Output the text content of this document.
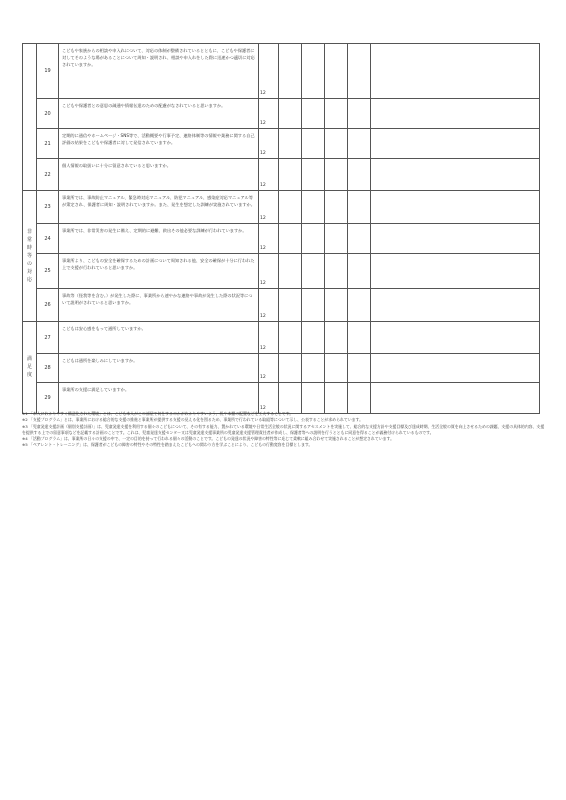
	19	こどもや家族からの相談や申入れについて、対応の体制が整備されているとともに、こどもや保護者に対してそのような場があることについて周知・説明され、相談や申入れをした際に迅速かつ適切に対応されていますか。	12					
	20	こどもや保護者との意思の疎通や情報伝達のための配慮がなされていると思いますか。	12					
	21	定期的に通信やホームページ・SNS等で、活動概要や行事予定、連絡体制等の情報や業務に関する自己評価の結果をこどもや保護者に対して発信されていますか。	12					
	22	個人情報の取扱いに十分に留意されていると思いますか。	12					
非常時等の対応	23	事業所では、事故防止マニュアル、緊急時対応マニュアル、防犯マニュアル、感染症対応マニュアル等が策定され、保護者に周知・説明されていますか。また、発生を想定した訓練が実施されていますか。	12					
	24	事業所では、非常災害の発生に備え、定期的に避難、救出その他必要な訓練が行われていますか。	12					
	25	事業所より、こどもの安全を確保するための計画について周知される他、安全の確保が十分に行われた上で支援が行われていると思いますか。	12					
	26	事故等（怪我等を含む。）が発生した際に、事業所から速やかな連絡や事故が発生した際の状況等について説明がされていると思いますか。	12					
満足度	27	こどもは安心感をもって通所していますか。	12					
	28	こどもは通所を楽しみにしていますか。	12					
	29	事業所の支援に満足していますか。	12					

※1 「本人にわかりやすく構造化された環境」とは、こども本人がこの部屋で何をするのかがわかりやすいよう、机や本棚の配置などを工夫することです。

※2 「支援プログラム」とは、事業所における総合的な支援の推進と事業所が提供する支援の見える化を図るため、事業所で行われている取組等について示し、公表することが求められています。

※3 「児童発達支援計画（個別支援計画）」は、児童発達支援を利用する個々のこどもについて、その有する能力、置かれている環境や日常生活全般の状況に関するアセスメントを実施して、総合的な支援方針や支援目標及び達成時期、生活全般の質を向上させるための課題、支援の具体的内容、支援を提供する上での留意事項などを記載する計画のことです。これは、児童発達支援センター又は児童発達支援事業所の児童発達支援管理責任者が作成し、保護者等への説明を行うとともに同意を得ることが義務付けられているものです。

※4 「活動プログラム」は、事業所の日々の支援の中で、一定の目的を持って行われる個々の活動のことです。こどもの発達の状況や障害の特性等に応じて柔軟に組み合わせて実施されることが想定されています。

※5 「ペアレント・トレーニング」は、保護者がこどもの障害の特性やその特性を踏まえたこどもへの関わり方を学ぶことにより、こどもの行動変容を目標とします。
